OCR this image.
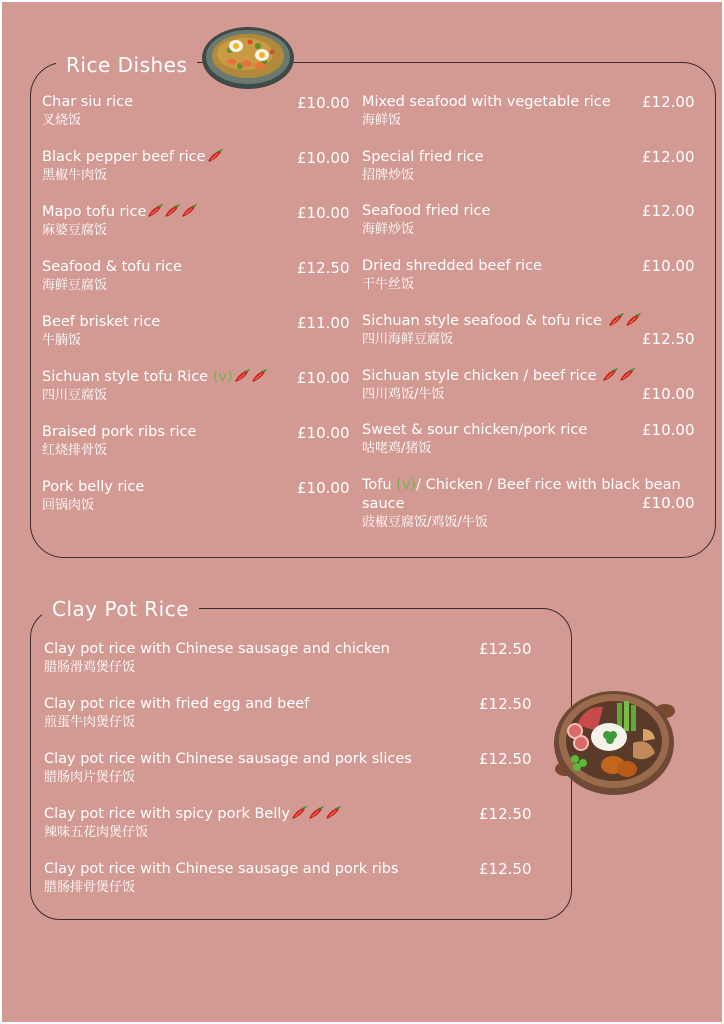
Rice Dishes
Char siu rice
叉烧饭
£10.00
Black pepper beef rice
黑椒牛肉饭
£10.00
Mapo tofu rice
麻婆豆腐饭
£10.00
Seafood & tofu rice
海鲜豆腐饭
£12.50
Beef brisket rice
牛腩饭
£11.00
Sichuan style tofu Rice (v)
四川豆腐饭
£10.00
Braised pork ribs rice
红烧排骨饭
£10.00
Pork belly rice
回锅肉饭
£10.00
Mixed seafood with vegetable rice
海鲜饭
£12.00
Special fried rice
招牌炒饭
£12.00
Seafood fried rice
海鲜炒饭
£12.00
Dried shredded beef rice
干牛丝饭
£10.00
Sichuan style seafood & tofu rice
四川海鲜豆腐饭	£12.50
Sichuan style chicken / beef rice
四川鸡饭/牛饭	£10.00
Sweet & sour chicken/pork rice
咕咾鸡/猪饭
£10.00
Tofu (v)/ Chicken / Beef rice with black bean
sauce
豉椒豆腐饭/鸡饭/牛饭
£10.00
Clay Pot Rice
Clay pot rice with Chinese sausage and chicken
腊肠滑鸡煲仔饭
£12.50
Clay pot rice with fried egg and beef
煎蛋牛肉煲仔饭
£12.50
Clay pot rice with Chinese sausage and pork slices
腊肠肉片煲仔饭
£12.50
Clay pot rice with spicy pork Belly
辣味五花肉煲仔饭
£12.50
Clay pot rice with Chinese sausage and pork ribs
腊肠排骨煲仔饭
£12.50
